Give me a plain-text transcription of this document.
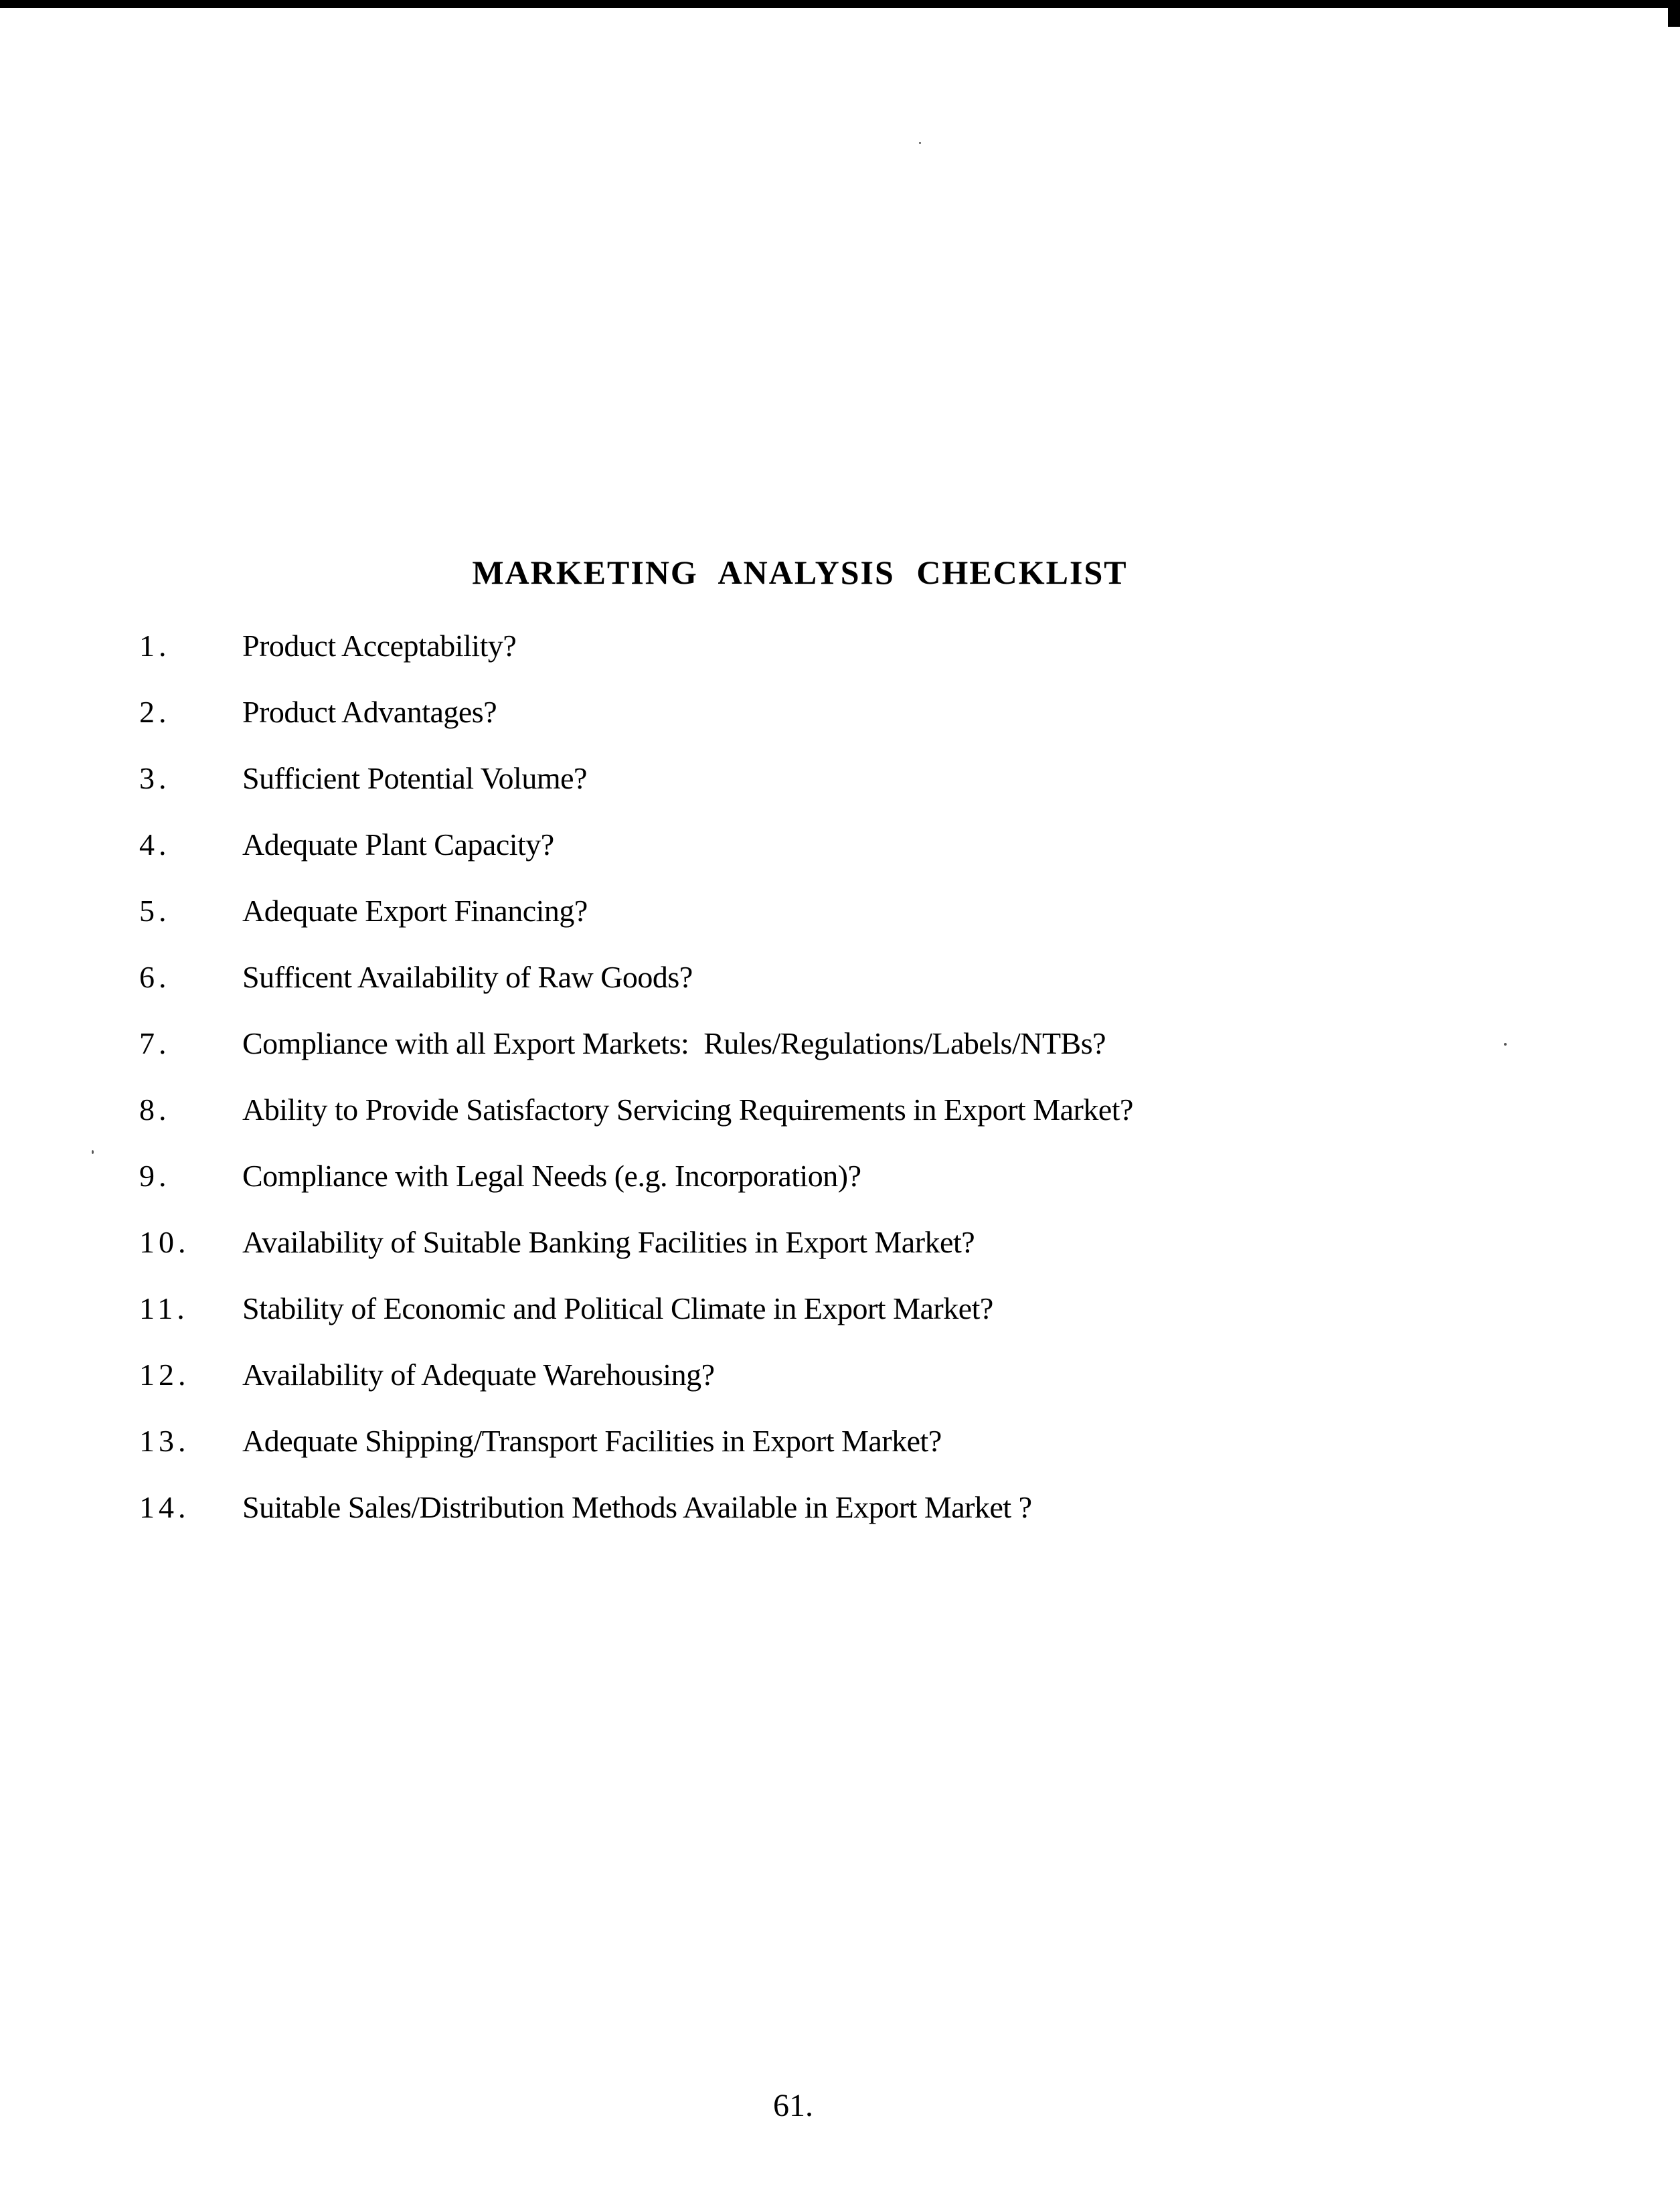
MARKETING ANALYSIS CHECKLIST
1.	Product Acceptability?
2.	Product Advantages?
3.	Sufficient Potential Volume?
4.	Adequate Plant Capacity?
5.	Adequate Export Financing?
6.	Sufficent Availability of Raw Goods?
7.	Compliance with all Export Markets:  Rules/Regulations/Labels/NTBs?
8.	Ability to Provide Satisfactory Servicing Requirements in Export Market?
9.	Compliance with Legal Needs (e.g. Incorporation)?
10.	Availability of Suitable Banking Facilities in Export Market?
11.	Stability of Economic and Political Climate in Export Market?
12.	Availability of Adequate Warehousing?
13.	Adequate Shipping/Transport Facilities in Export Market?
14.	Suitable Sales/Distribution Methods Available in Export Market ?
61.
